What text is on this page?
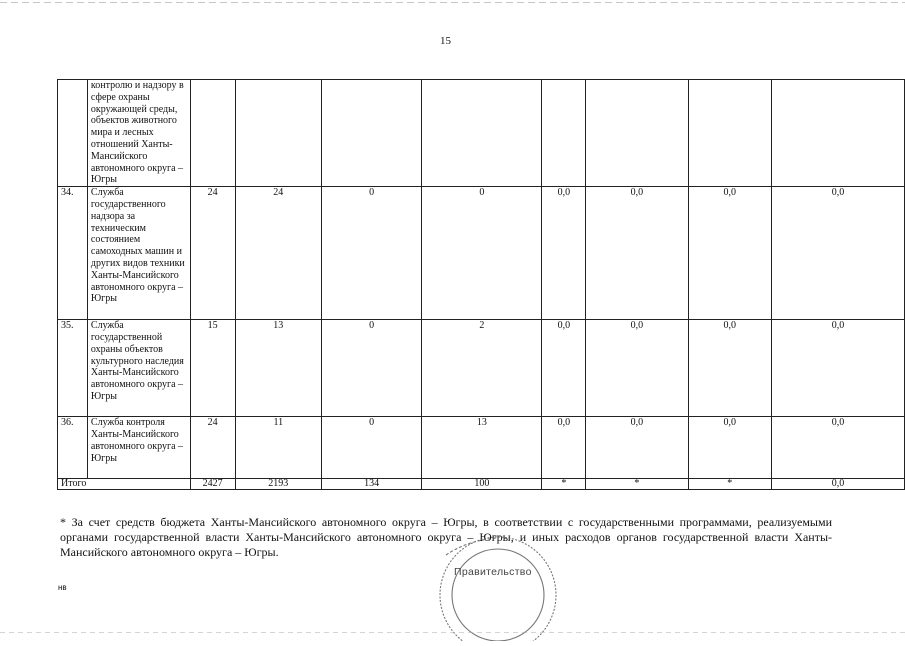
15
	контролю и надзору в сфере охраны окружающей среды, объектов животного мира и лесных отношений Ханты-Мансийского автономного округа – Югры								
34.	Служба государственного надзора за техническим состоянием самоходных машин и других видов техники Ханты-Мансийского автономного округа – Югры	24	24	0	0	0,0	0,0	0,0	0,0
35.	Служба государственной охраны объектов культурного наследия Ханты-Мансийского автономного округа – Югры	15	13	0	2	0,0	0,0	0,0	0,0
36.	Служба контроля Ханты-Мансийского автономного округа – Югры	24	11	0	13	0,0	0,0	0,0	0,0
Итого		2427	2193	134	100	*	*	*	0,0

* За счет средств бюджета Ханты-Мансийского автономного округа – Югры, в соответствии с государственными программами, реализуемыми органами государственной власти Ханты-Мансийского автономного округа – Югры, и иных расходов органов государственной власти Ханты-Мансийского автономного округа – Югры.

нв
Правительство
